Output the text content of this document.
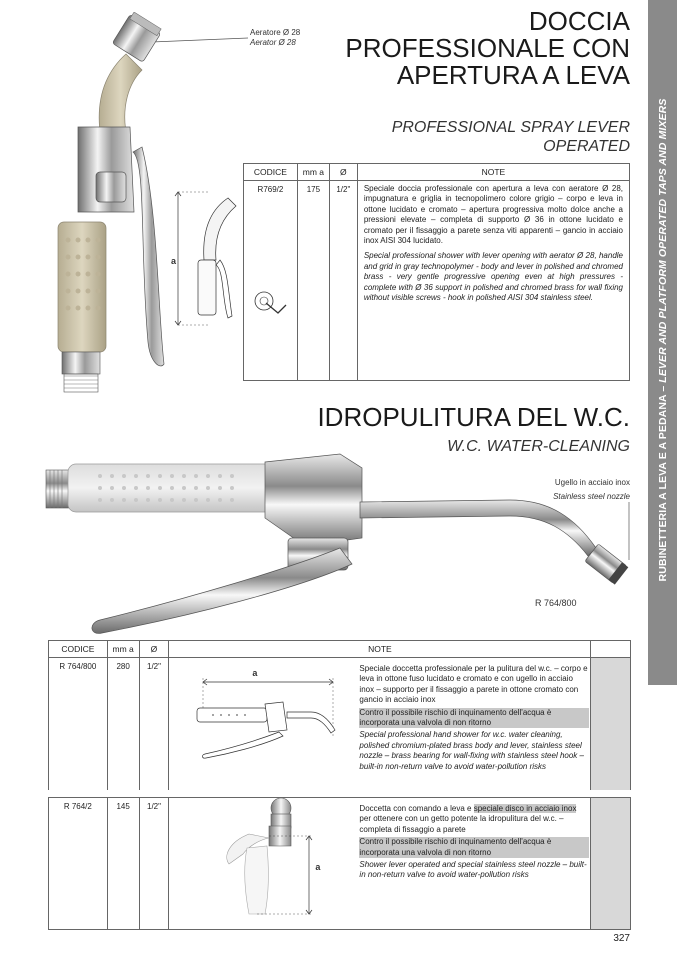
RUBINETTERIA A LEVA E A PEDANA – LEVER AND PLATFORM OPERATED TAPS AND MIXERS
DOCCIA PROFESSIONALE CON APERTURA A LEVA
PROFESSIONAL SPRAY LEVER OPERATED
Aeratore Ø 28
Aerator Ø 28
a
CODICE	mm a	Ø	NOTE
R769/2	175	1/2"	Speciale doccia professionale con apertura a leva con aeratore Ø 28, impugnatura e griglia in tecnopolimero colore grigio – corpo e leva in ottone lucidato e cromato – apertura progressiva molto dolce anche a pressioni elevate – completa di supporto Ø 36 in ottone lucidato e cromato per il fissaggio a parete senza viti apparenti – gancio in acciaio inox AISI 304 lucidato.
Special professional shower with lever opening with aerator Ø 28, handle and grid in gray technopolymer - body and lever in polished and chromed brass - very gentle progressive opening even at high pressures - complete with Ø 36 support in polished and chromed brass for wall fixing without visible screws - hook in polished AISI 304 stainless steel.
IDROPULITURA DEL W.C.
W.C. WATER-CLEANING
Ugello in acciaio inox
Stainless steel nozzle
R 764/800
CODICE	mm a	Ø	NOTE	
R 764/800	280	1/2"	a Speciale doccetta professionale per la pulitura del w.c. – corpo e leva in ottone fuso lucidato e cromato e con ugello in acciaio inox – supporto per il fissaggio a parete in ottone cromato con gancio in acciaio inox
Contro il possibile rischio di inquinamento dell'acqua è incorporata una valvola di non ritorno
Special professional hand shower for w.c. water cleaning, polished chromium-plated brass body and lever, stainless steel nozzle – brass bearing for wall-fixing with stainless steel hook – built-in non-return valve to avoid water-pollution risks	

R 764/2	145	1/2"	a
Doccetta con comando a leva e speciale disco in acciaio inox per ottenere con un getto potente la idropulitura del w.c. – completa di fissaggio a parete
Contro il possibile rischio di inquinamento dell'acqua è incorporata una valvola di non ritorno
Shower lever operated and special stainless steel nozzle – built-in non-return valve to avoid water-pollution risks	

327
